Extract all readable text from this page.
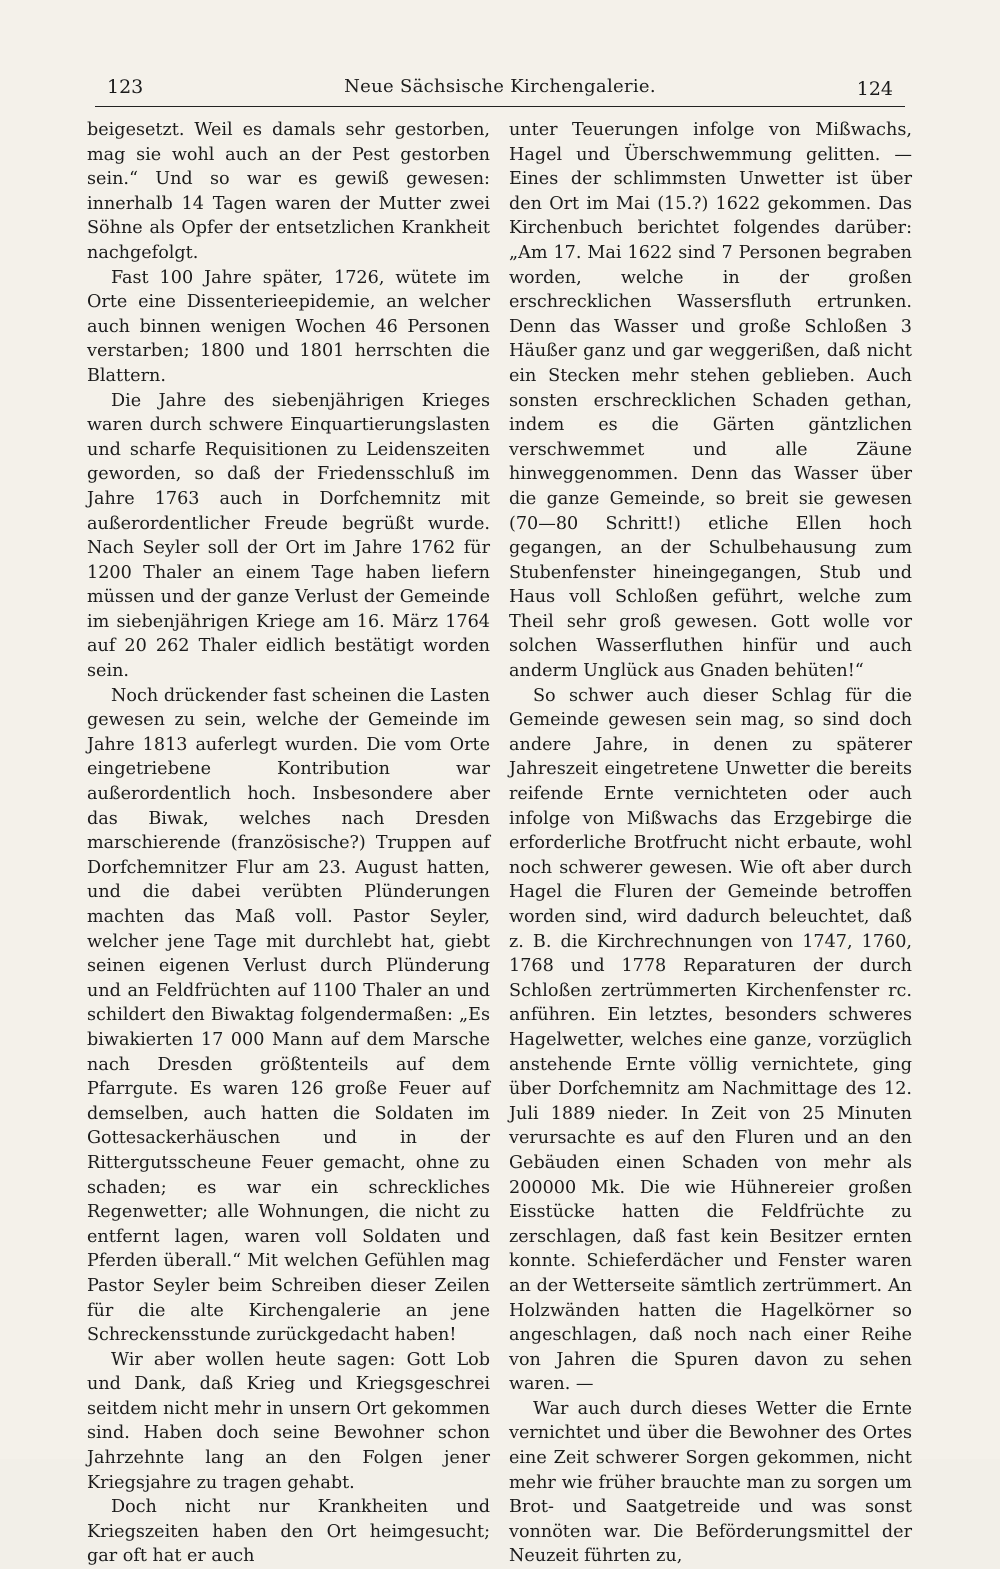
123	Neue Sächsische Kirchengalerie.	124

beigesetzt. Weil es damals sehr gestorben, mag sie wohl auch an der Pest gestorben sein.“ Und so war es gewiß gewesen: innerhalb 14 Tagen waren der Mutter zwei Söhne als Opfer der entsetzlichen Krankheit nachgefolgt.

Fast 100 Jahre später, 1726, wütete im Orte eine Dissenterieepidemie, an welcher auch binnen wenigen Wochen 46 Personen verstarben; 1800 und 1801 herrschten die Blattern.

Die Jahre des siebenjährigen Krieges waren durch schwere Einquartierungslasten und scharfe Requisitionen zu Leidenszeiten geworden, so daß der Friedensschluß im Jahre 1763 auch in Dorfchemnitz mit außerordentlicher Freude begrüßt wurde. Nach Seyler soll der Ort im Jahre 1762 für 1200 Thaler an einem Tage haben liefern müssen und der ganze Verlust der Gemeinde im siebenjährigen Kriege am 16. März 1764 auf 20 262 Thaler eidlich bestätigt worden sein.

Noch drückender fast scheinen die Lasten gewesen zu sein, welche der Gemeinde im Jahre 1813 auferlegt wurden. Die vom Orte eingetriebene Kontribution war außerordentlich hoch. Insbesondere aber das Biwak, welches nach Dresden marschierende (französische?) Truppen auf Dorfchemnitzer Flur am 23. August hatten, und die dabei verübten Plünderungen machten das Maß voll. Pastor Seyler, welcher jene Tage mit durchlebt hat, giebt seinen eigenen Verlust durch Plünderung und an Feldfrüchten auf 1100 Thaler an und schildert den Biwaktag folgendermaßen: „Es biwakierten 17 000 Mann auf dem Marsche nach Dresden größtenteils auf dem Pfarrgute. Es waren 126 große Feuer auf demselben, auch hatten die Soldaten im Gottesackerhäuschen und in der Rittergutsscheune Feuer gemacht, ohne zu schaden; es war ein schreckliches Regenwetter; alle Wohnungen, die nicht zu entfernt lagen, waren voll Soldaten und Pferden überall.“ Mit welchen Gefühlen mag Pastor Seyler beim Schreiben dieser Zeilen für die alte Kirchengalerie an jene Schreckensstunde zurückgedacht haben!

Wir aber wollen heute sagen: Gott Lob und Dank, daß Krieg und Kriegsgeschrei seitdem nicht mehr in unsern Ort gekommen sind. Haben doch seine Bewohner schon Jahrzehnte lang an den Folgen jener Kriegsjahre zu tragen gehabt.

Doch nicht nur Krankheiten und Kriegszeiten haben den Ort heimgesucht; gar oft hat er auch

unter Teuerungen infolge von Mißwachs, Hagel und Überschwemmung gelitten. — Eines der schlimmsten Unwetter ist über den Ort im Mai (15.?) 1622 gekommen. Das Kirchenbuch berichtet folgendes darüber: „Am 17. Mai 1622 sind 7 Personen begraben worden, welche in der großen erschrecklichen Wassersfluth ertrunken. Denn das Wasser und große Schloßen 3 Häußer ganz und gar weggerißen, daß nicht ein Stecken mehr stehen geblieben. Auch sonsten erschrecklichen Schaden gethan, indem es die Gärten gäntzlichen verschwemmet und alle Zäune hinweggenommen. Denn das Wasser über die ganze Gemeinde, so breit sie gewesen (70—80 Schritt!) etliche Ellen hoch gegangen, an der Schulbehausung zum Stubenfenster hineingegangen, Stub und Haus voll Schloßen geführt, welche zum Theil sehr groß gewesen. Gott wolle vor solchen Wasserfluthen hinfür und auch anderm Unglück aus Gnaden behüten!“

So schwer auch dieser Schlag für die Gemeinde gewesen sein mag, so sind doch andere Jahre, in denen zu späterer Jahreszeit eingetretene Unwetter die bereits reifende Ernte vernichteten oder auch infolge von Mißwachs das Erzgebirge die erforderliche Brotfrucht nicht erbaute, wohl noch schwerer gewesen. Wie oft aber durch Hagel die Fluren der Gemeinde betroffen worden sind, wird dadurch beleuchtet, daß z. B. die Kirchrechnungen von 1747, 1760, 1768 und 1778 Reparaturen der durch Schloßen zertrümmerten Kirchenfenster rc. anführen. Ein letztes, besonders schweres Hagelwetter, welches eine ganze, vorzüglich anstehende Ernte völlig vernichtete, ging über Dorfchemnitz am Nachmittage des 12. Juli 1889 nieder. In Zeit von 25 Minuten verursachte es auf den Fluren und an den Gebäuden einen Schaden von mehr als 200000 Mk. Die wie Hühnereier großen Eisstücke hatten die Feldfrüchte zu zerschlagen, daß fast kein Besitzer ernten konnte. Schieferdächer und Fenster waren an der Wetterseite sämtlich zertrümmert. An Holzwänden hatten die Hagelkörner so angeschlagen, daß noch nach einer Reihe von Jahren die Spuren davon zu sehen waren. —

War auch durch dieses Wetter die Ernte vernichtet und über die Bewohner des Ortes eine Zeit schwerer Sorgen gekommen, nicht mehr wie früher brauchte man zu sorgen um Brot- und Saatgetreide und was sonst vonnöten war. Die Beförderungsmittel der Neuzeit führten zu,
